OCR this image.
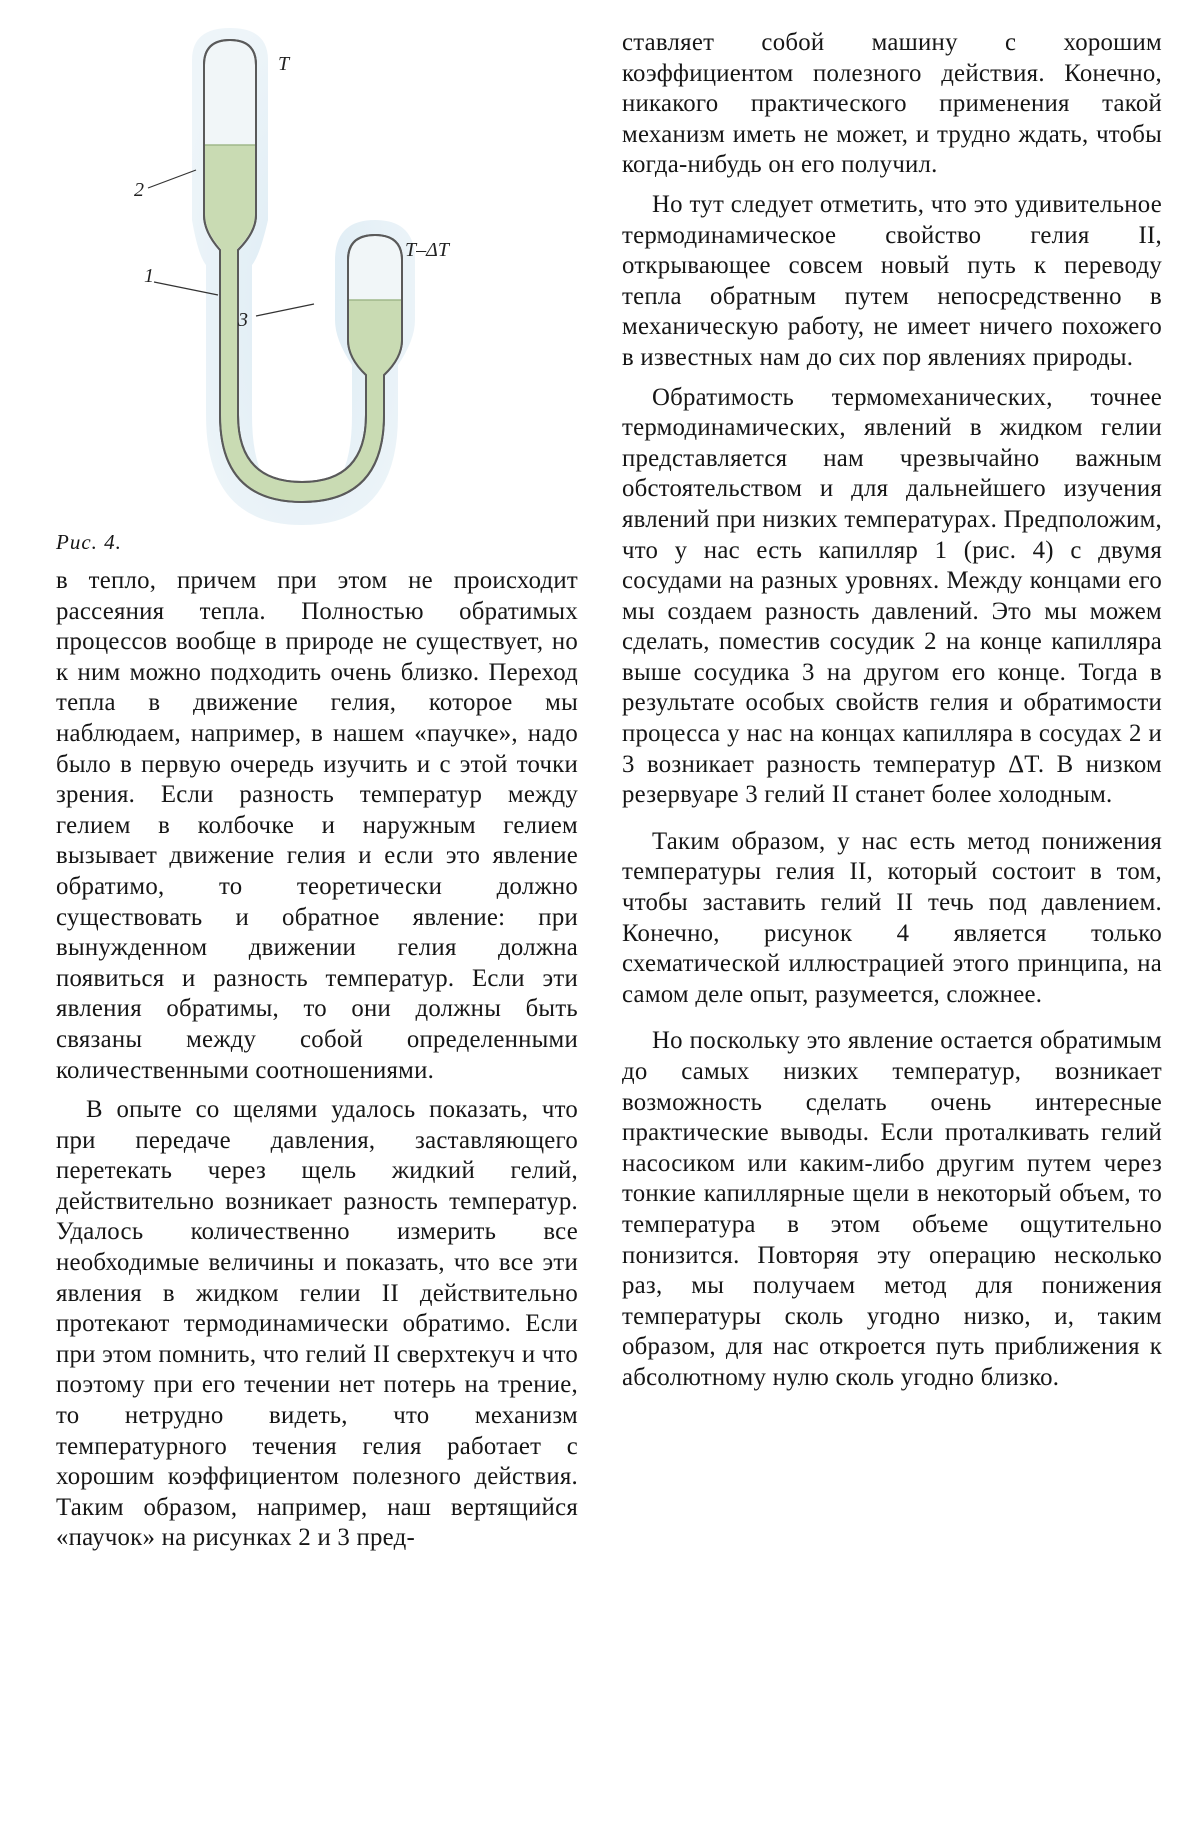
T
T–ΔT
2
1
3
Рис. 4.

в тепло, причем при этом не происходит рассеяния тепла. Полностью обратимых процессов вообще в природе не существует, но к ним можно подходить очень близко. Переход тепла в движение гелия, которое мы наблюдаем, например, в нашем «паучке», надо было в первую очередь изучить и с этой точки зрения. Если разность температур между гелием в колбочке и наружным гелием вызывает движение гелия и если это явление обратимо, то теоретически должно существовать и обратное явление: при вынужденном движении гелия должна появиться и разность температур. Если эти явления обратимы, то они должны быть связаны между собой определенными количественными соотношениями.

В опыте со щелями удалось показать, что при передаче давления, заставляющего перетекать через щель жидкий гелий, действительно возникает разность температур. Удалось количественно измерить все необходимые величины и показать, что все эти явления в жидком гелии II действительно протекают термодинамически обратимо. Если при этом помнить, что гелий II сверхтекуч и что поэтому при его течении нет потерь на трение, то нетрудно видеть, что механизм температурного течения гелия работает с хорошим коэффициентом полезного действия. Таким образом, например, наш вертящийся «паучок» на рисунках 2 и 3 пред-

ставляет собой машину с хорошим коэффициентом полезного действия. Конечно, никакого практического применения такой механизм иметь не может, и трудно ждать, чтобы когда-нибудь он его получил.

Но тут следует отметить, что это удивительное термодинамическое свойство гелия II, открывающее совсем новый путь к переводу тепла обратным путем непосредственно в механическую работу, не имеет ничего похожего в известных нам до сих пор явлениях природы.

Обратимость термомеханических, точнее термодинамических, явлений в жидком гелии представляется нам чрезвычайно важным обстоятельством и для дальнейшего изучения явлений при низких температурах. Предположим, что у нас есть капилляр 1 (рис. 4) с двумя сосудами на разных уровнях. Между концами его мы создаем разность давлений. Это мы можем сделать, поместив сосудик 2 на конце капилляра выше сосудика 3 на другом его конце. Тогда в результате особых свойств гелия и обратимости процесса у нас на концах капилляра в сосудах 2 и 3 возникает разность температур ΔT. В низком резервуаре 3 гелий II станет более холодным.

Таким образом, у нас есть метод понижения температуры гелия II, который состоит в том, чтобы заставить гелий II течь под давлением. Конечно, рисунок 4 является только схематической иллюстрацией этого принципа, на самом деле опыт, разумеется, сложнее.

Но поскольку это явление остается обратимым до самых низких температур, возникает возможность сделать очень интересные практические выводы. Если проталкивать гелий насосиком или каким-либо другим путем через тонкие капиллярные щели в некоторый объем, то температура в этом объеме ощутительно понизится. Повторяя эту операцию несколько раз, мы получаем метод для понижения температуры сколь угодно низко, и, таким образом, для нас откроется путь приближения к абсолютному нулю сколь угодно близко.
